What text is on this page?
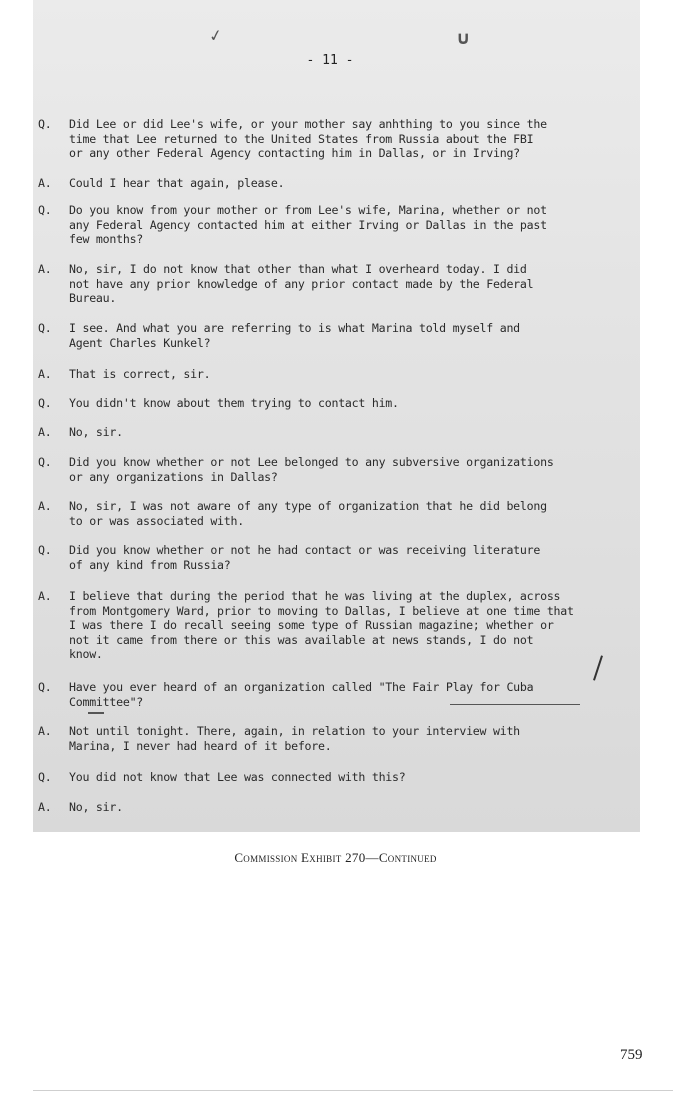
✓	∪
- 11 -
Q.	Did Lee or did Lee's wife, or your mother say anhthing to you since the
time that Lee returned to the United States from Russia about the FBI
or any other Federal Agency contacting him in Dallas, or in Irving?
A.	Could I hear that again, please.
Q.	Do you know from your mother or from Lee's wife, Marina, whether or not
any Federal Agency contacted him at either Irving or Dallas in the past
few months?
A.	No, sir, I do not know that other than what I overheard today. I did
not have any prior knowledge of any prior contact made by the Federal
Bureau.
Q.	I see. And what you are referring to is what Marina told myself and
Agent Charles Kunkel?
A.	That is correct, sir.
Q.	You didn't know about them trying to contact him.
A.	No, sir.
Q.	Did you know whether or not Lee belonged to any subversive organizations
or any organizations in Dallas?
A.	No, sir, I was not aware of any type of organization that he did belong
to or was associated with.
Q.	Did you know whether or not he had contact or was receiving literature
of any kind from Russia?
A.	I believe that during the period that he was living at the duplex, across
from Montgomery Ward, prior to moving to Dallas, I believe at one time that
I was there I do recall seeing some type of Russian magazine; whether or
not it came from there or this was available at news stands, I do not
know.
Q.	Have you ever heard of an organization called "The Fair Play for Cuba
Committee"?
A.	Not until tonight. There, again, in relation to your interview with
Marina, I never had heard of it before.
Q.	You did not know that Lee was connected with this?
A.	No, sir.
Commission Exhibit 270—Continued
759
